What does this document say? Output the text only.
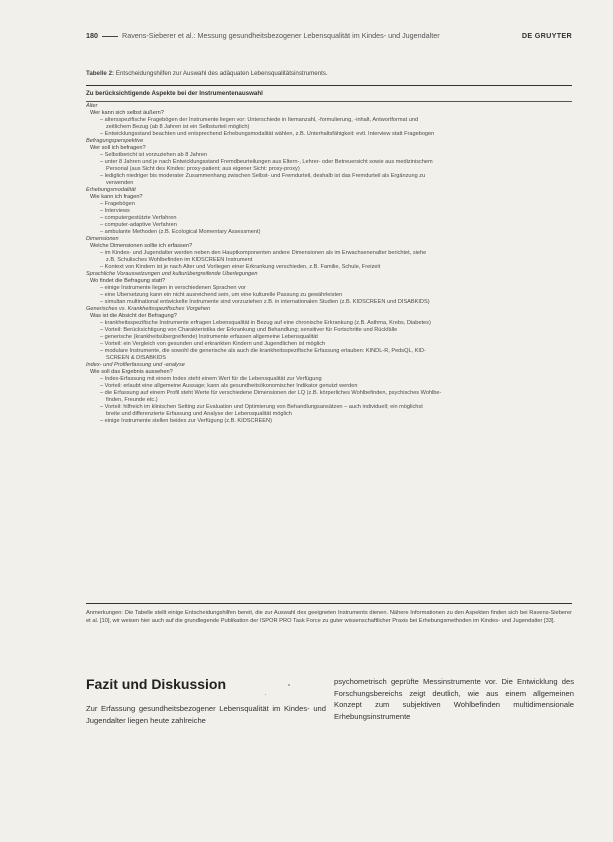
180	Ravens-Sieberer et al.: Messung gesundheitsbezogener Lebensqualität im Kindes- und Jugendalter	DE GRUYTER
Tabelle 2: Entscheidungshilfen zur Auswahl des adäquaten Lebensqualitätsinstruments.
Zu berücksichtigende Aspekte bei der Instrumentenauswahl
Alter
Wer kann sich selbst äußern?
– altersspezifische Fragebögen der Instrumente liegen vor: Unterschiede in Itemanzahl, -formulierung, -inhalt, Antwortformat und
zeitlichem Bezug (ab 8 Jahren ist ein Selbsturteil möglich)
– Entwicklungsstand beachten und entsprechend Erhebungsmodalität wählen, z.B. Unterhaltsfähigkeit: evtl. Interview statt Fragebogen
Befragungsperspektive
Wer soll ich befragen?
– Selbstbericht ist vorzuziehen ab 8 Jahren
– unter 8 Jahren und je nach Entwicklungsstand Fremdbeurteilungen aus Eltern-, Lehrer- oder Betreuersicht sowie aus medizinischem
Personal (aus Sicht des Kindes: proxy-patient; aus eigener Sicht: proxy-proxy)
– lediglich niedriger bis moderater Zusammenhang zwischen Selbst- und Fremdurteil, deshalb ist das Fremdurteil als Ergänzung zu
verwenden
Erhebungsmodalität
Wie kann ich fragen?
– Fragebögen
– Interviews
– computergestützte Verfahren
– computer-adaptive Verfahren
– ambulante Methoden (z.B. Ecological Momentary Assessment)
Dimensionen
Welche Dimensionen sollte ich erfassen?
– im Kindes- und Jugendalter werden neben den Hauptkomponenten andere Dimensionen als im Erwachsenenalter berichtet, siehe
z.B. Schulisches Wohlbefinden im KIDSCREEN Instrument
– Kontext von Kindern ist je nach Alter und Vorliegen einer Erkrankung verschieden, z.B. Familie, Schule, Freizeit
Sprachliche Voraussetzungen und kulturübergreifende Überlegungen
Wo findet die Befragung statt?
– einige Instrumente liegen in verschiedenen Sprachen vor
– eine Übersetzung kann ein nicht ausreichend sein, um eine kulturelle Passung zu gewährleisten
– simultan multinational entwickelte Instrumente sind vorzuziehen z.B. in internationalen Studien (z.B. KIDSCREEN und DISABKIDS)
Generisches vs. Krankheitsspezifisches Vorgehen
Was ist die Absicht der Befragung?
– krankheitsspezifische Instrumente erfragen Lebensqualität in Bezug auf eine chronische Erkrankung (z.B. Asthma, Krebs, Diabetes)
– Vorteil: Berücksichtigung von Charakteristika der Erkrankung und Behandlung; sensitiver für Fortschritte und Rückfälle
– generische (krankheitsübergreifende) Instrumente erfassen allgemeine Lebensqualität
– Vorteil: ein Vergleich von gesunden und erkrankten Kindern und Jugendlichen ist möglich
– modulare Instrumente, die sowohl die generische als auch die krankheitsspezifische Erfassung erlauben: KINDL-R, PedsQL, KID-
SCREEN & DISABKIDS
Index- und Profilerfassung und -analyse
Wie soll das Ergebnis aussehen?
– Index-Erfassung mit einem Index steht einem Wert für die Lebensqualität zur Verfügung
– Vorteil: erlaubt eine allgemeine Aussage; kann als gesundheitsökonomischer Indikator genutzt werden
– die Erfassung auf einem Profil steht Werte für verschiedene Dimensionen der LQ (z.B. körperliches Wohlbefinden, psychisches Wohlbe-
finden, Freunde etc.)
– Vorteil: hilfreich im klinischen Setting zur Evaluation und Optimierung von Behandlungsansätzen – auch individuell; ein möglichst
breite und differenzierte Erfassung und Analyse der Lebensqualität möglich
– einige Instrumente stellen beides zur Verfügung (z.B. KIDSCREEN)
Anmerkungen: Die Tabelle stellt einige Entscheidungshilfen bereit, die zur Auswahl des geeigneten Instruments dienen. Nähere Informationen zu den Aspekten finden sich bei Ravens-Sieberer et al. [10], wir weisen hier auch auf die grundlegende Publikation der ISPOR PRO Task Force zu guter wissenschaftlicher Praxis bei Erhebungsmethoden im Kindes- und Jugendalter [33].
Fazit und Diskussion
Zur Erfassung gesundheitsbezogener Lebensqualität im Kindes- und Jugendalter liegen heute zahlreiche
psychometrisch geprüfte Messinstrumente vor. Die Entwicklung des Forschungsbereichs zeigt deutlich, wie aus einem allgemeinen Konzept zum subjektiven Wohlbefinden multidimensionale Erhebungsinstrumente
